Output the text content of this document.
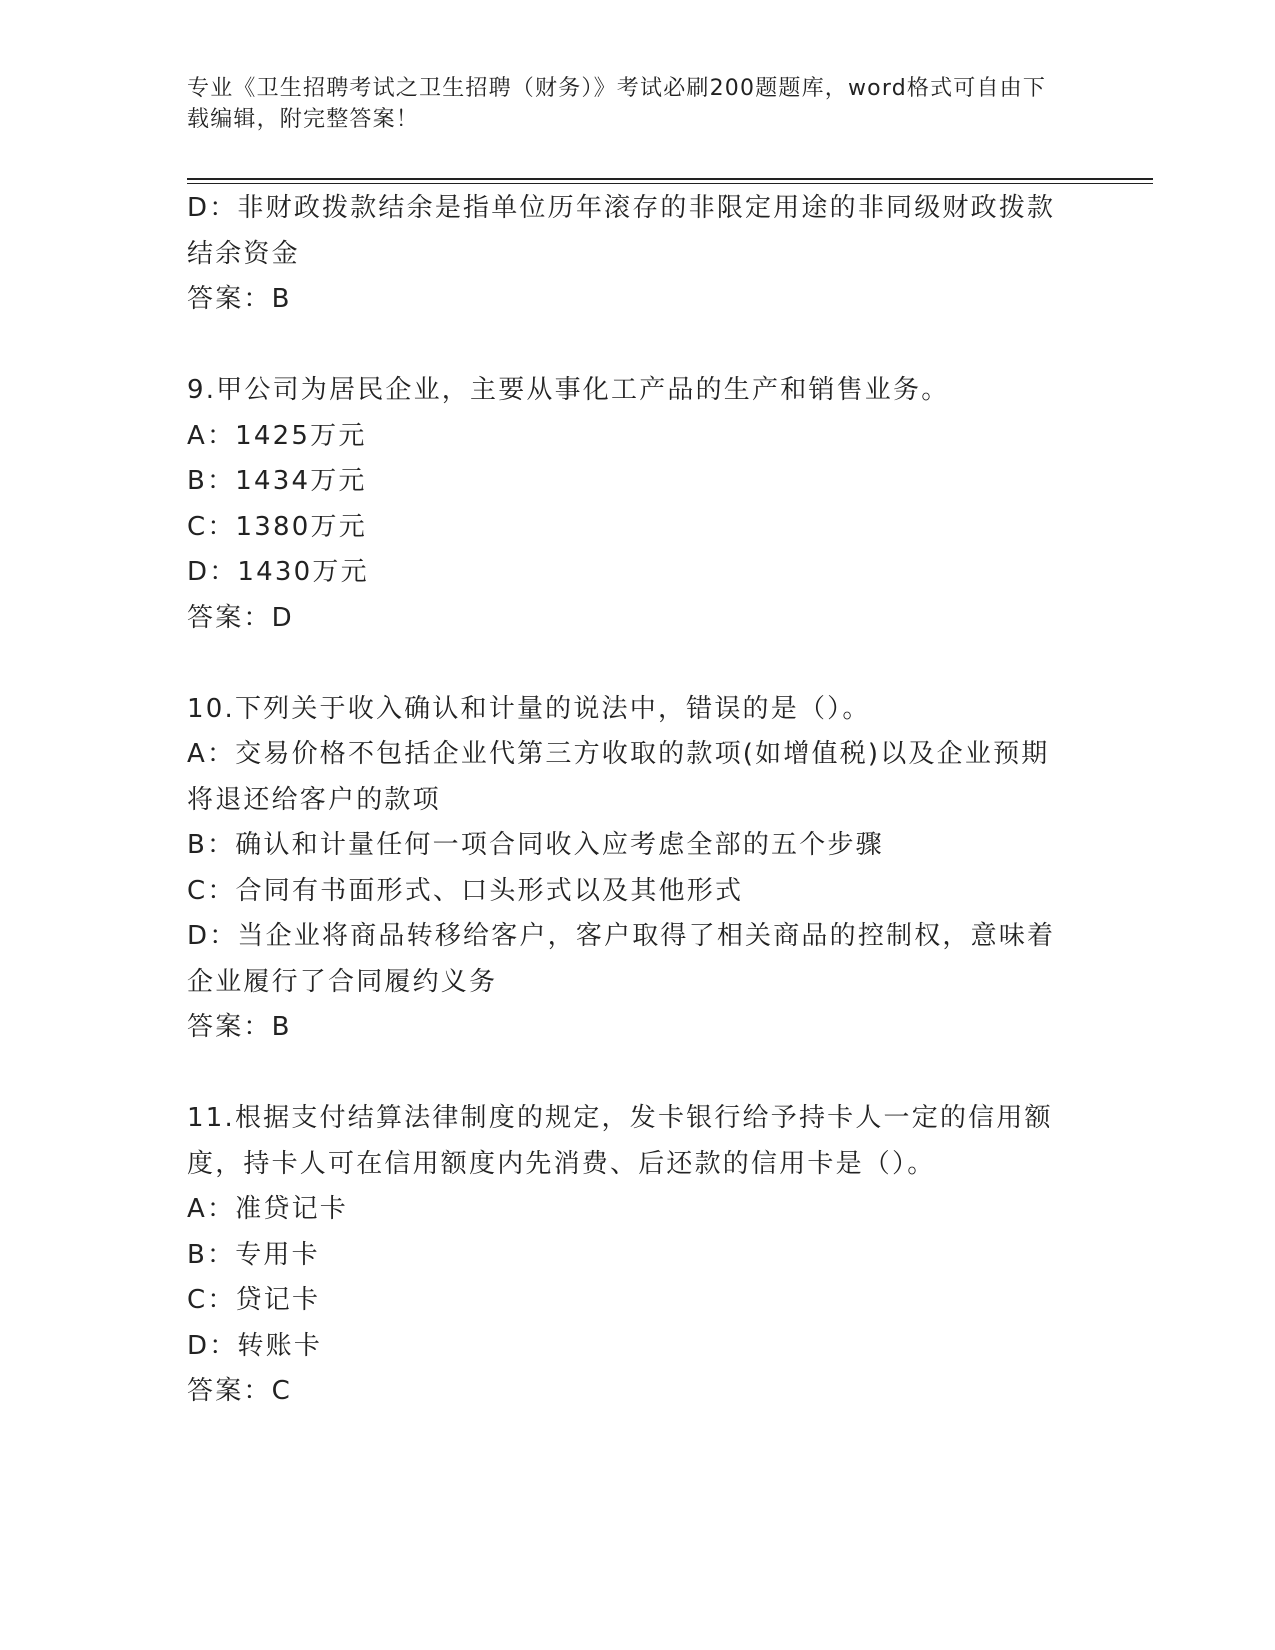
专业《卫生招聘考试之卫生招聘（财务）》考试必刷200题题库，word格式可自由下载编辑，附完整答案！

D：非财政拨款结余是指单位历年滚存的非限定用途的非同级财政拨款结余资金

答案：B

9.甲公司为居民企业，主要从事化工产品的生产和销售业务。

A：1425万元

B：1434万元

C：1380万元

D：1430万元

答案：D

10.下列关于收入确认和计量的说法中，错误的是（）。

A：交易价格不包括企业代第三方收取的款项(如增值税)以及企业预期将退还给客户的款项

B：确认和计量任何一项合同收入应考虑全部的五个步骤

C：合同有书面形式、口头形式以及其他形式

D：当企业将商品转移给客户，客户取得了相关商品的控制权，意味着企业履行了合同履约义务

答案：B

11.根据支付结算法律制度的规定，发卡银行给予持卡人一定的信用额度，持卡人可在信用额度内先消费、后还款的信用卡是（）。

A：准贷记卡

B：专用卡

C：贷记卡

D：转账卡

答案：C
